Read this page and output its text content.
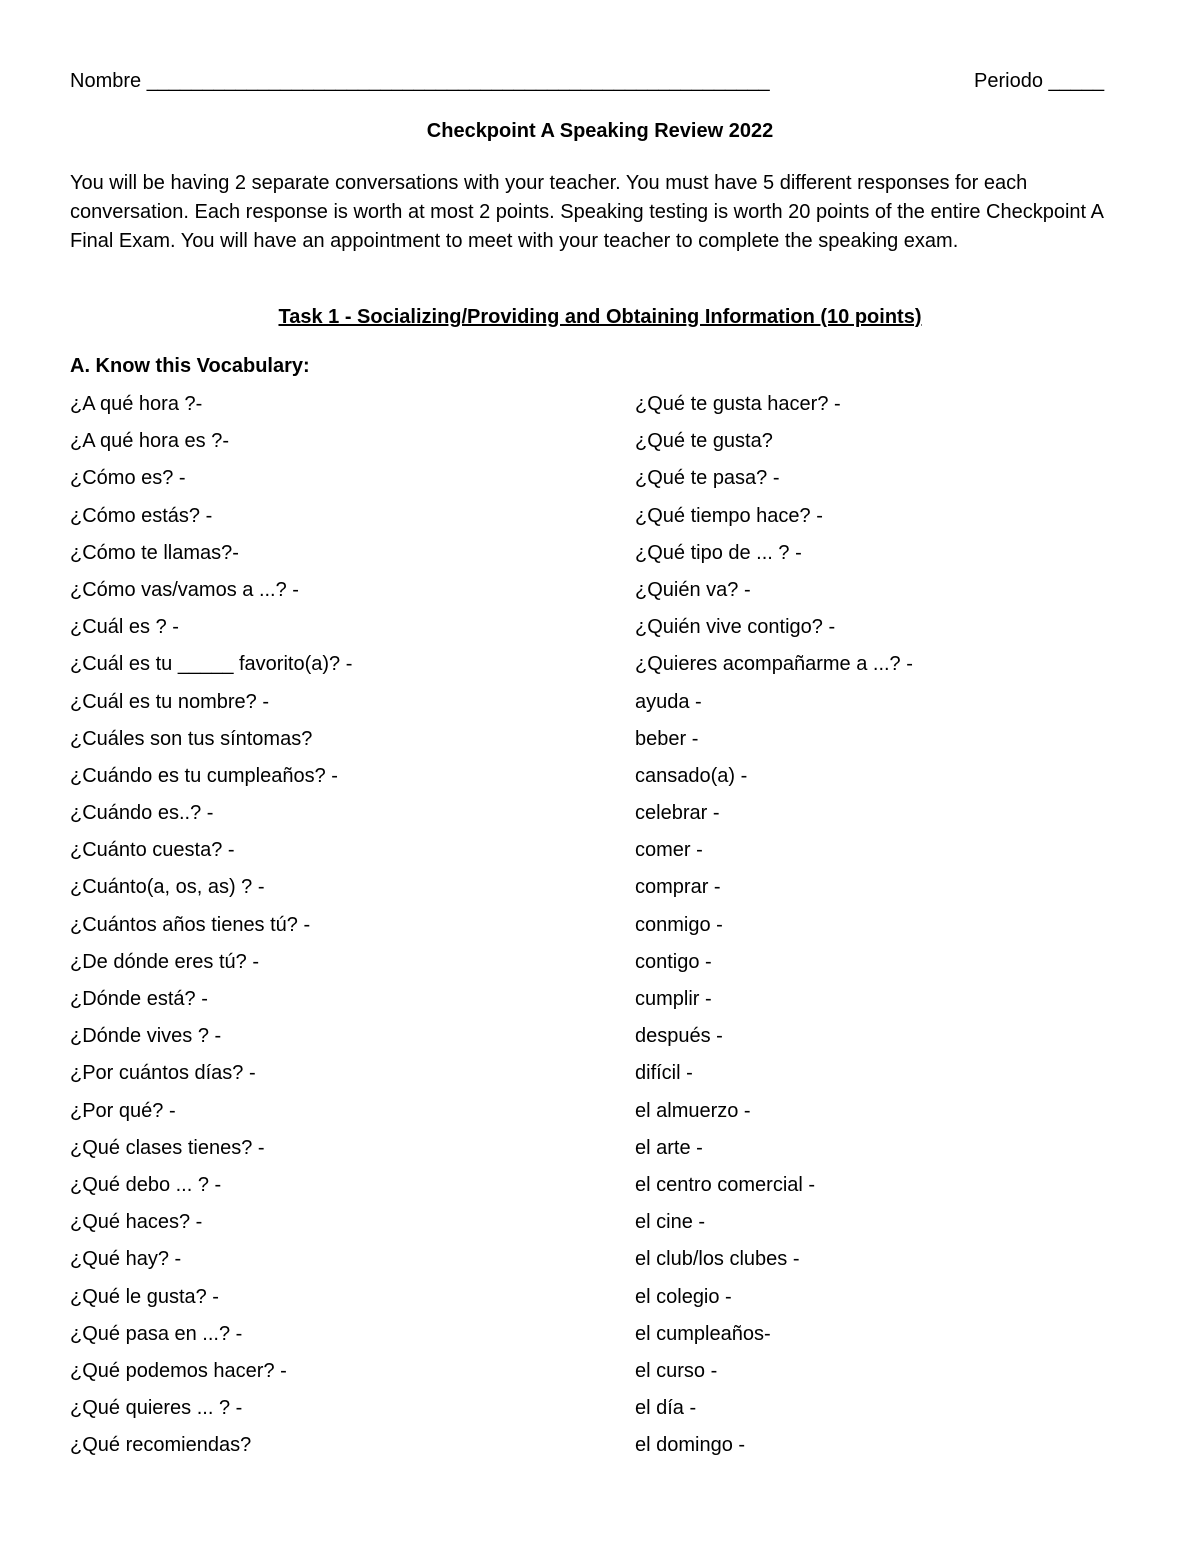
Nombre ________________________________________________________	Periodo _____
Checkpoint A Speaking Review 2022
You will be having 2 separate conversations with your teacher. You must have 5 different responses for each conversation. Each response is worth at most 2 points. Speaking testing is worth 20 points of the entire Checkpoint A Final Exam. You will have an appointment to meet with your teacher to complete the speaking exam.
Task 1 - Socializing/Providing and Obtaining Information (10 points)
A. Know this Vocabulary:
¿A qué hora ?-
¿A qué hora es ?-
¿Cómo es? -
¿Cómo estás? -
¿Cómo te llamas?-
¿Cómo vas/vamos a ...? -
¿Cuál es ? -
¿Cuál es tu _____ favorito(a)? -
¿Cuál es tu nombre? -
¿Cuáles son tus síntomas?
¿Cuándo es tu cumpleaños? -
¿Cuándo es..? -
¿Cuánto cuesta? -
¿Cuánto(a, os, as) ? -
¿Cuántos años tienes tú? -
¿De dónde eres tú? -
¿Dónde está? -
¿Dónde vives ? -
¿Por cuántos días? -
¿Por qué? -
¿Qué clases tienes? -
¿Qué debo ... ? -
¿Qué haces? -
¿Qué hay? -
¿Qué le gusta? -
¿Qué pasa en ...? -
¿Qué podemos hacer? -
¿Qué quieres ... ? -
¿Qué recomiendas?
¿Qué te gusta hacer? -
¿Qué te gusta?
¿Qué te pasa? -
¿Qué tiempo hace? -
¿Qué tipo de ... ? -
¿Quién va? -
¿Quién vive contigo? -
¿Quieres acompañarme a ...? -
ayuda -
beber -
cansado(a) -
celebrar -
comer -
comprar -
conmigo -
contigo -
cumplir -
después -
difícil -
el almuerzo -
el arte -
el centro comercial -
el cine -
el club/los clubes -
el colegio -
el cumpleaños-
el curso -
el día -
el domingo -
